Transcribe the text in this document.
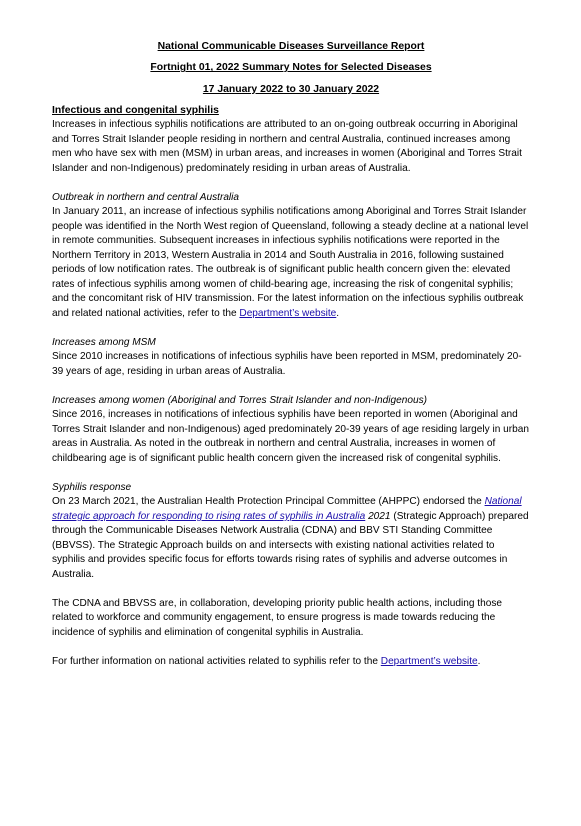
National Communicable Diseases Surveillance Report
Fortnight 01, 2022 Summary Notes for Selected Diseases
17 January 2022 to 30 January 2022
Infectious and congenital syphilis

Increases in infectious syphilis notifications are attributed to an on-going outbreak occurring in Aboriginal and Torres Strait Islander people residing in northern and central Australia, continued increases among men who have sex with men (MSM) in urban areas, and increases in women (Aboriginal and Torres Strait Islander and non-Indigenous) predominately residing in urban areas of Australia.

Outbreak in northern and central Australia

In January 2011, an increase of infectious syphilis notifications among Aboriginal and Torres Strait Islander people was identified in the North West region of Queensland, following a steady decline at a national level in remote communities. Subsequent increases in infectious syphilis notifications were reported in the Northern Territory in 2013, Western Australia in 2014 and South Australia in 2016, following sustained periods of low notification rates. The outbreak is of significant public health concern given the: elevated rates of infectious syphilis among women of child-bearing age, increasing the risk of congenital syphilis; and the concomitant risk of HIV transmission. For the latest information on the infectious syphilis outbreak and related national activities, refer to the Department’s website.

Increases among MSM

Since 2010 increases in notifications of infectious syphilis have been reported in MSM, predominately 20-39 years of age, residing in urban areas of Australia.

Increases among women (Aboriginal and Torres Strait Islander and non-Indigenous)

Since 2016, increases in notifications of infectious syphilis have been reported in women (Aboriginal and Torres Strait Islander and non-Indigenous) aged predominately 20-39 years of age residing largely in urban areas in Australia. As noted in the outbreak in northern and central Australia, increases in women of childbearing age is of significant public health concern given the increased risk of congenital syphilis.

Syphilis response

On 23 March 2021, the Australian Health Protection Principal Committee (AHPPC) endorsed the National strategic approach for responding to rising rates of syphilis in Australia 2021 (Strategic Approach) prepared through the Communicable Diseases Network Australia (CDNA) and BBV STI Standing Committee (BBVSS). The Strategic Approach builds on and intersects with existing national activities related to syphilis and provides specific focus for efforts towards rising rates of syphilis and adverse outcomes in Australia.

The CDNA and BBVSS are, in collaboration, developing priority public health actions, including those related to workforce and community engagement, to ensure progress is made towards reducing the incidence of syphilis and elimination of congenital syphilis in Australia.

For further information on national activities related to syphilis refer to the Department’s website.
